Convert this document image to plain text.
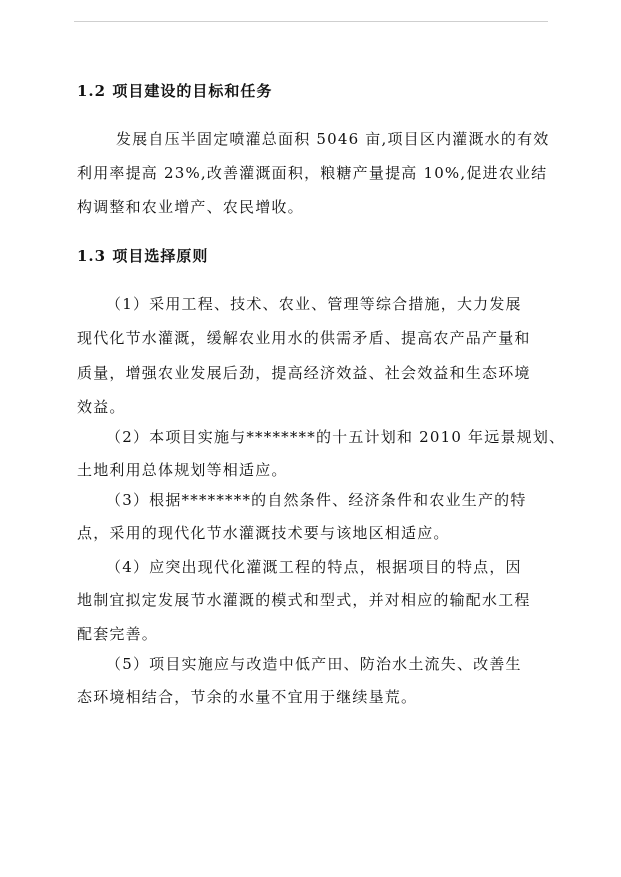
1.2 项目建设的目标和任务
发展自压半固定喷灌总面积 5046 亩,项目区内灌溉水的有效
利用率提高 23%,改善灌溉面积，粮糖产量提高 10%,促进农业结
构调整和农业增产、农民增收。
1.3 项目选择原则
（1）采用工程、技术、农业、管理等综合措施，大力发展
现代化节水灌溉，缓解农业用水的供需矛盾、提高农产品产量和
质量，增强农业发展后劲，提高经济效益、社会效益和生态环境
效益。
（2）本项目实施与********的十五计划和 2010 年远景规划、
土地利用总体规划等相适应。
（3）根据********的自然条件、经济条件和农业生产的特
点，采用的现代化节水灌溉技术要与该地区相适应。
（4）应突出现代化灌溉工程的特点，根据项目的特点，因
地制宜拟定发展节水灌溉的模式和型式，并对相应的输配水工程
配套完善。
（5）项目实施应与改造中低产田、防治水土流失、改善生
态环境相结合，节余的水量不宜用于继续垦荒。
